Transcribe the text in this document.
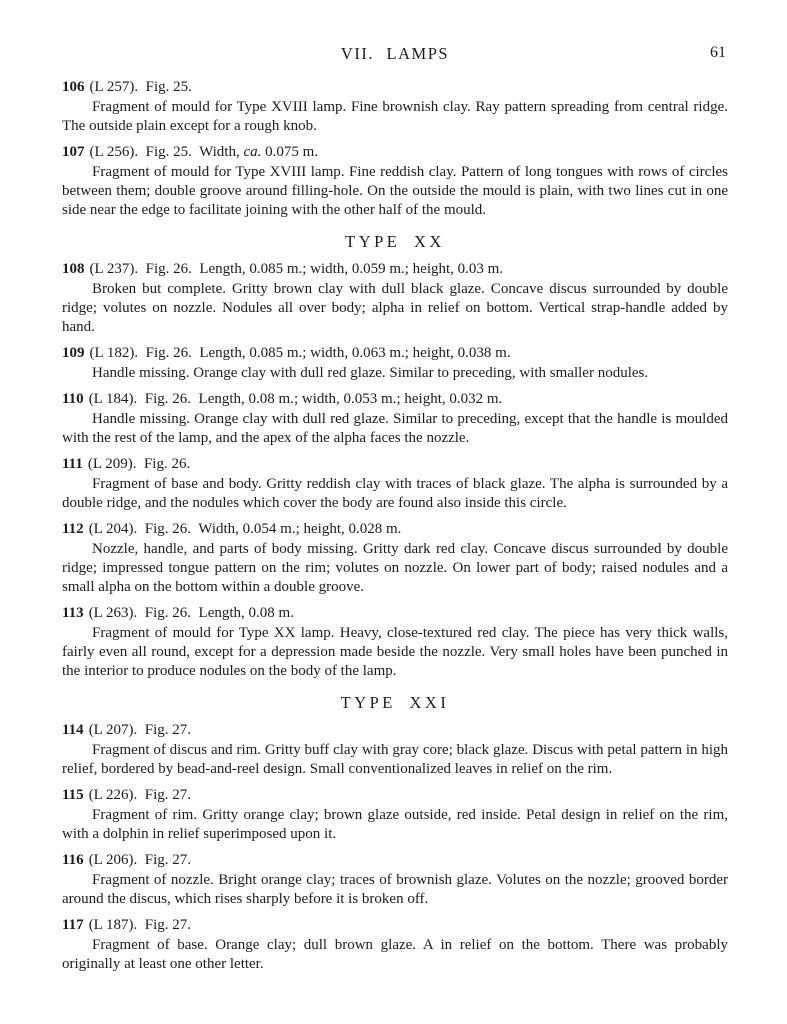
VII. LAMPS	61

106 (L 257).  Fig. 25.

Fragment of mould for Type XVIII lamp. Fine brownish clay. Ray pattern spreading from central ridge. The outside plain except for a rough knob.

107 (L 256).  Fig. 25.  Width, ca. 0.075 m.

Fragment of mould for Type XVIII lamp. Fine reddish clay. Pattern of long tongues with rows of circles between them; double groove around filling-hole. On the outside the mould is plain, with two lines cut in one side near the edge to facilitate joining with the other half of the mould.

TYPE XX

108 (L 237).  Fig. 26.  Length, 0.085 m.; width, 0.059 m.; height, 0.03 m.

Broken but complete. Gritty brown clay with dull black glaze. Concave discus surrounded by double ridge; volutes on nozzle. Nodules all over body; alpha in relief on bottom. Vertical strap-handle added by hand.

109 (L 182).  Fig. 26.  Length, 0.085 m.; width, 0.063 m.; height, 0.038 m.

Handle missing. Orange clay with dull red glaze. Similar to preceding, with smaller nodules.

110 (L 184).  Fig. 26.  Length, 0.08 m.; width, 0.053 m.; height, 0.032 m.

Handle missing. Orange clay with dull red glaze. Similar to preceding, except that the handle is moulded with the rest of the lamp, and the apex of the alpha faces the nozzle.

111 (L 209).  Fig. 26.

Fragment of base and body. Gritty reddish clay with traces of black glaze. The alpha is surrounded by a double ridge, and the nodules which cover the body are found also inside this circle.

112 (L 204).  Fig. 26.  Width, 0.054 m.; height, 0.028 m.

Nozzle, handle, and parts of body missing. Gritty dark red clay. Concave discus surrounded by double ridge; impressed tongue pattern on the rim; volutes on nozzle. On lower part of body; raised nodules and a small alpha on the bottom within a double groove.

113 (L 263).  Fig. 26.  Length, 0.08 m.

Fragment of mould for Type XX lamp. Heavy, close-textured red clay. The piece has very thick walls, fairly even all round, except for a depression made beside the nozzle. Very small holes have been punched in the interior to produce nodules on the body of the lamp.

TYPE XXI

114 (L 207).  Fig. 27.

Fragment of discus and rim. Gritty buff clay with gray core; black glaze. Discus with petal pattern in high relief, bordered by bead-and-reel design. Small conventionalized leaves in relief on the rim.

115 (L 226).  Fig. 27.

Fragment of rim. Gritty orange clay; brown glaze outside, red inside. Petal design in relief on the rim, with a dolphin in relief superimposed upon it.

116 (L 206).  Fig. 27.

Fragment of nozzle. Bright orange clay; traces of brownish glaze. Volutes on the nozzle; grooved border around the discus, which rises sharply before it is broken off.

117 (L 187).  Fig. 27.

Fragment of base. Orange clay; dull brown glaze. A in relief on the bottom. There was probably originally at least one other letter.
